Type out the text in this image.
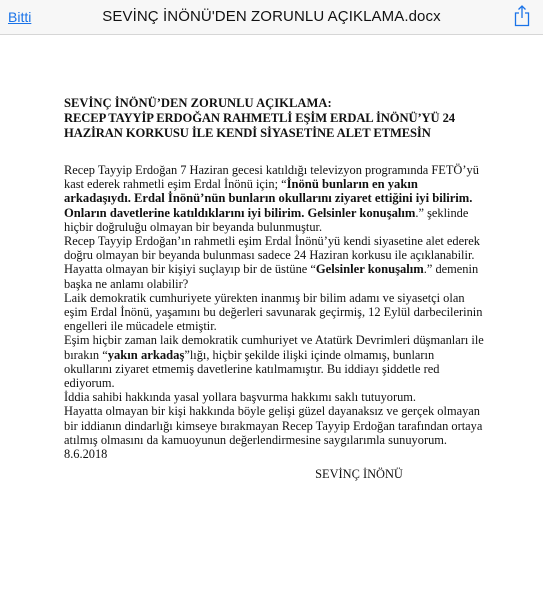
Bitti	SEVİNÇ İNÖNÜ'DEN ZORUNLU AÇIKLAMA.docx

SEVİNÇ İNÖNÜ’DEN ZORUNLU AÇIKLAMA:

RECEP TAYYİP ERDOĞAN RAHMETLİ EŞİM ERDAL İNÖNÜ’YÜ 24 HAZİRAN KORKUSU İLE KENDİ SİYASETİNE ALET ETMESİN

Recep Tayyip Erdoğan 7 Haziran gecesi katıldığı televizyon programında FETÖ’yü kast ederek rahmetli eşim Erdal İnönü için; “İnönü bunların en yakın arkadaşıydı. Erdal İnönü’nün bunların okullarını ziyaret ettiğini iyi bilirim. Onların davetlerine katıldıklarını iyi bilirim. Gelsinler konuşalım.” şeklinde hiçbir doğruluğu olmayan bir beyanda bulunmuştur.

Recep Tayyip Erdoğan’ın rahmetli eşim Erdal İnönü’yü kendi siyasetine alet ederek doğru olmayan bir beyanda bulunması sadece 24 Haziran korkusu ile açıklanabilir.

Hayatta olmayan bir kişiyi suçlayıp bir de üstüne “Gelsinler konuşalım.” demenin başka ne anlamı olabilir?

Laik demokratik cumhuriyete yürekten inanmış bir bilim adamı ve siyasetçi olan eşim Erdal İnönü, yaşamını bu değerleri savunarak geçirmiş, 12 Eylül darbecilerinin engelleri ile mücadele etmiştir.

Eşim hiçbir zaman laik demokratik cumhuriyet ve Atatürk Devrimleri düşmanları ile bırakın “yakın arkadaş”lığı, hiçbir şekilde ilişki içinde olmamış, bunların okullarını ziyaret etmemiş davetlerine katılmamıştır. Bu iddiayı şiddetle red ediyorum.

İddia sahibi hakkında yasal yollara başvurma hakkımı saklı tutuyorum.

Hayatta olmayan bir kişi hakkında böyle gelişi güzel dayanaksız ve gerçek olmayan bir iddianın dindarlığı kimseye bırakmayan Recep Tayyip Erdoğan tarafından ortaya atılmış olmasını da kamuoyunun değerlendirmesine saygılarımla sunuyorum.

8.6.2018

SEVİNÇ İNÖNÜ
